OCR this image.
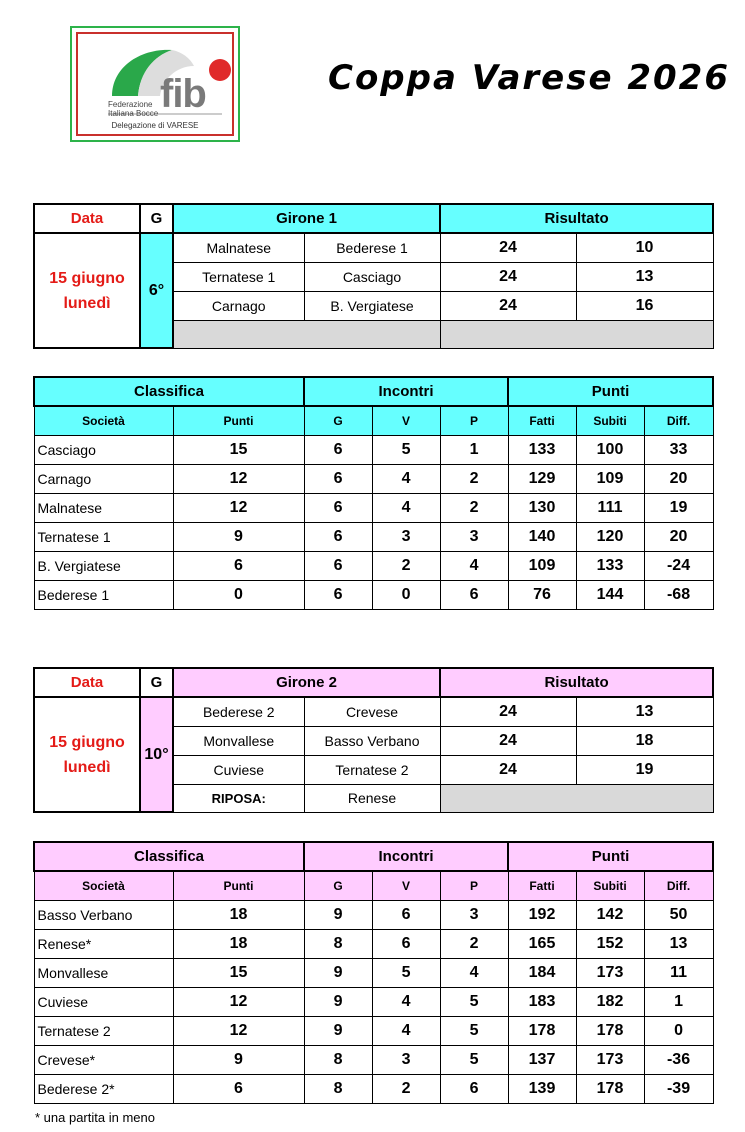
Federazione
Italiana Bocce fib
Delegazione di VARESE
Coppa Varese 2026
Data	G	Girone 1		Risultato	

15 giugno
lunedì	6°	Malnatese	Bederese 1	24	10
		Ternatese 1	Casciago	24	13
		Carnago	B. Vergiatese	24	16

Classifica		Incontri			Punti		
Società	Punti	G	V	P	Fatti	Subiti	Diff.
Casciago	15	6	5	1	133	100	33
Carnago	12	6	4	2	129	109	20
Malnatese	12	6	4	2	130	111	19
Ternatese 1	9	6	3	3	140	120	20
B. Vergiatese	6	6	2	4	109	133	-24
Bederese 1	0	6	0	6	76	144	-68
Data	G	Girone 2		Risultato	

15 giugno
lunedì	10°	Bederese 2	Crevese	24	13
		Monvallese	Basso Verbano	24	18
		Cuviese	Ternatese 2	24	19
		RIPOSA:	Renese		
Classifica		Incontri			Punti		
Società	Punti	G	V	P	Fatti	Subiti	Diff.
Basso Verbano	18	9	6	3	192	142	50
Renese*	18	8	6	2	165	152	13
Monvallese	15	9	5	4	184	173	11
Cuviese	12	9	4	5	183	182	1
Ternatese 2	12	9	4	5	178	178	0
Crevese*	9	8	3	5	137	173	-36
Bederese 2*	6	8	2	6	139	178	-39
* una partita in meno
